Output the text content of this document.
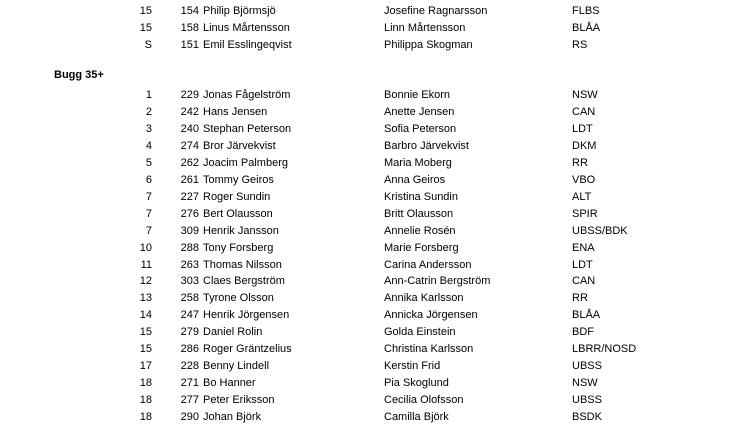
15	154 Philip Björmsjö	Josefine Ragnarsson	FLBS
15	158 Linus Mårtensson	Linn Mårtensson	BLÅA
S	151 Emil Esslingeqvist	Philippa Skogman	RS
Bugg 35+
1	229 Jonas Fågelström	Bonnie Ekorn	NSW
2	242 Hans Jensen	Anette Jensen	CAN
3	240 Stephan Peterson	Sofia Peterson	LDT
4	274 Bror Järvekvist	Barbro Järvekvist	DKM
5	262 Joacim Palmberg	Maria Moberg	RR
6	261 Tommy Geiros	Anna Geiros	VBO
7	227 Roger Sundin	Kristina Sundin	ALT
7	276 Bert Olausson	Britt Olausson	SPIR
7	309 Henrik Jansson	Annelie Rosén	UBSS/BDK
10	288 Tony Forsberg	Marie Forsberg	ENA
11	263 Thomas Nilsson	Carina Andersson	LDT
12	303 Claes Bergström	Ann-Catrin Bergström	CAN
13	258 Tyrone Olsson	Annika Karlsson	RR
14	247 Henrik Jörgensen	Annicka Jörgensen	BLÅA
15	279 Daniel Rolin	Golda Einstein	BDF
15	286 Roger Gräntzelius	Christina Karlsson	LBRR/NOSD
17	228 Benny Lindell	Kerstin Frid	UBSS
18	271 Bo Hanner	Pia Skoglund	NSW
18	277 Peter Eriksson	Cecilia Olofsson	UBSS
18	290 Johan Björk	Camilla Björk	BSDK
